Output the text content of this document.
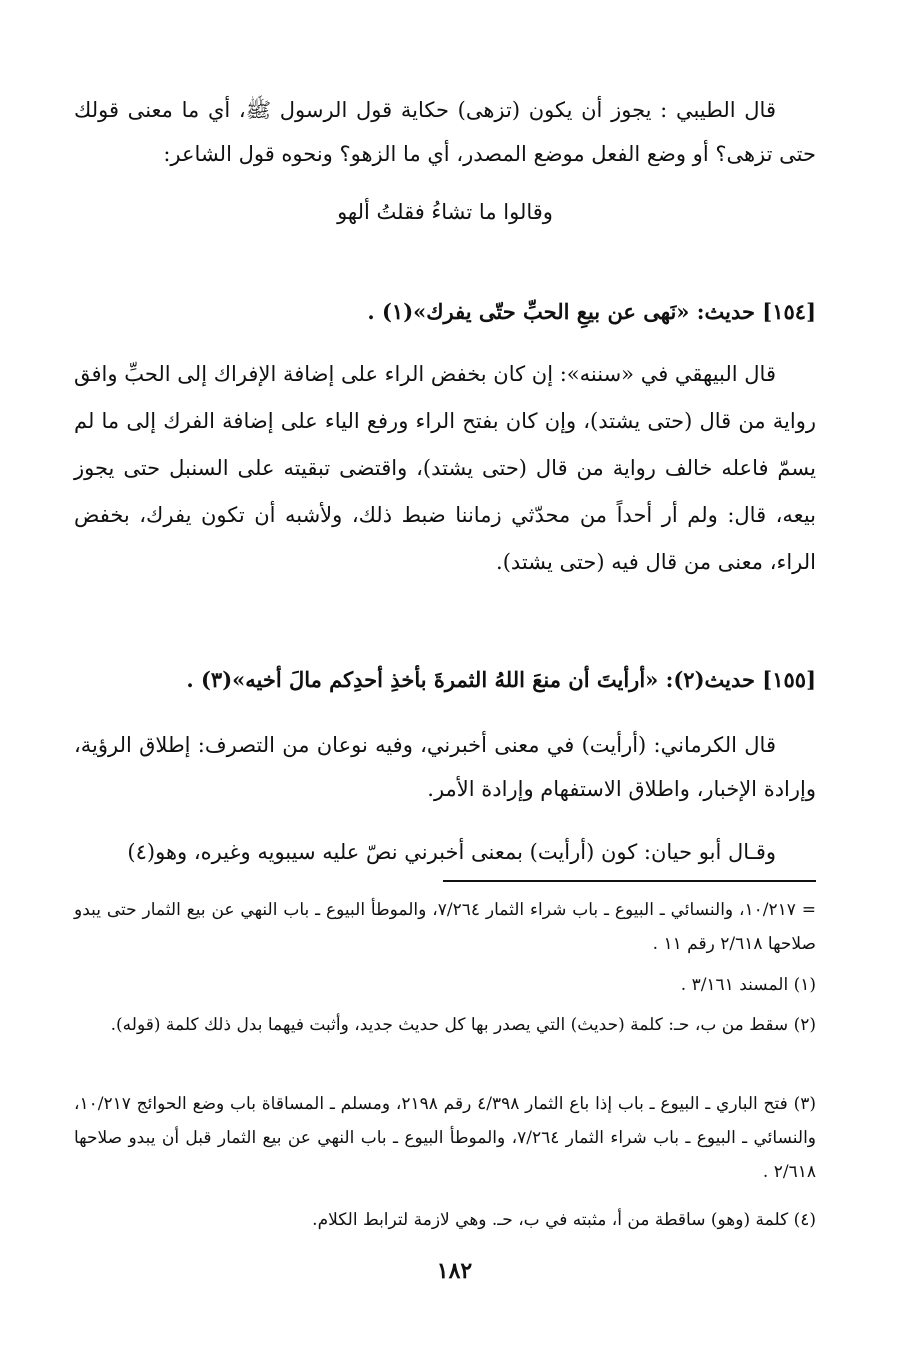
قال الطيبي : يجوز أن يكون (تزهى) حكاية قول الرسول ﷺ، أي ما معنى قولك حتى تزهى؟ أو وضع الفعل موضع المصدر، أي ما الزهو؟ ونحوه قول الشاعر:

وقالوا ما تشاءُ فقلتُ ألهو

[١٥٤] حديث: «نَهى عن بيعِ الحبِّ حتّى يفرك»(١) .

قال البيهقي في «سننه»: إن كان بخفض الراء على إضافة الإفراك إلى الحبِّ وافق رواية من قال (حتى يشتد)، وإن كان بفتح الراء ورفع الياء على إضافة الفرك إلى ما لم يسمّ فاعله خالف رواية من قال (حتى يشتد)، واقتضى تبقيته على السنبل حتى يجوز بيعه، قال: ولم أر أحداً من محدّثي زماننا ضبط ذلك، ولأشبه أن تكون يفرك، بخفض الراء، معنى من قال فيه (حتى يشتد).

[١٥٥] حديث(٢): «أرأيتَ أن منعَ اللهُ الثمرةَ بأخذِ أحدِكم مالَ أخيه»(٣) .

قال الكرماني: (أرأيت) في معنى أخبرني، وفيه نوعان من التصرف: إطلاق الرؤية، وإرادة الإخبار، واطلاق الاستفهام وإرادة الأمر.

وقـال أبو حيان: كون (أرأيت) بمعنى أخبرني نصّ عليه سيبويه وغيره، وهو(٤)

= ١٠/٢١٧، والنسائي ـ البيوع ـ باب شراء الثمار ٧/٢٦٤، والموطأ البيوع ـ باب النهي عن بيع الثمار حتى يبدو صلاحها ٢/٦١٨ رقم ١١ .

(١) المسند ٣/١٦١ .

(٢) سقط من ب، حـ: كلمة (حديث) التي يصدر بها كل حديث جديد، وأثبت فيهما بدل ذلك كلمة (قوله).

(٣) فتح الباري ـ البيوع ـ باب إذا باع الثمار ٤/٣٩٨ رقم ٢١٩٨، ومسلم ـ المساقاة باب وضع الحوائج ١٠/٢١٧، والنسائي ـ البيوع ـ باب شراء الثمار ٧/٢٦٤، والموطأ البيوع ـ باب النهي عن بيع الثمار قبل أن يبدو صلاحها ٢/٦١٨ .

(٤) كلمة (وهو) ساقطة من أ، مثبته في ب، حـ. وهي لازمة لترابط الكلام.

١٨٢
